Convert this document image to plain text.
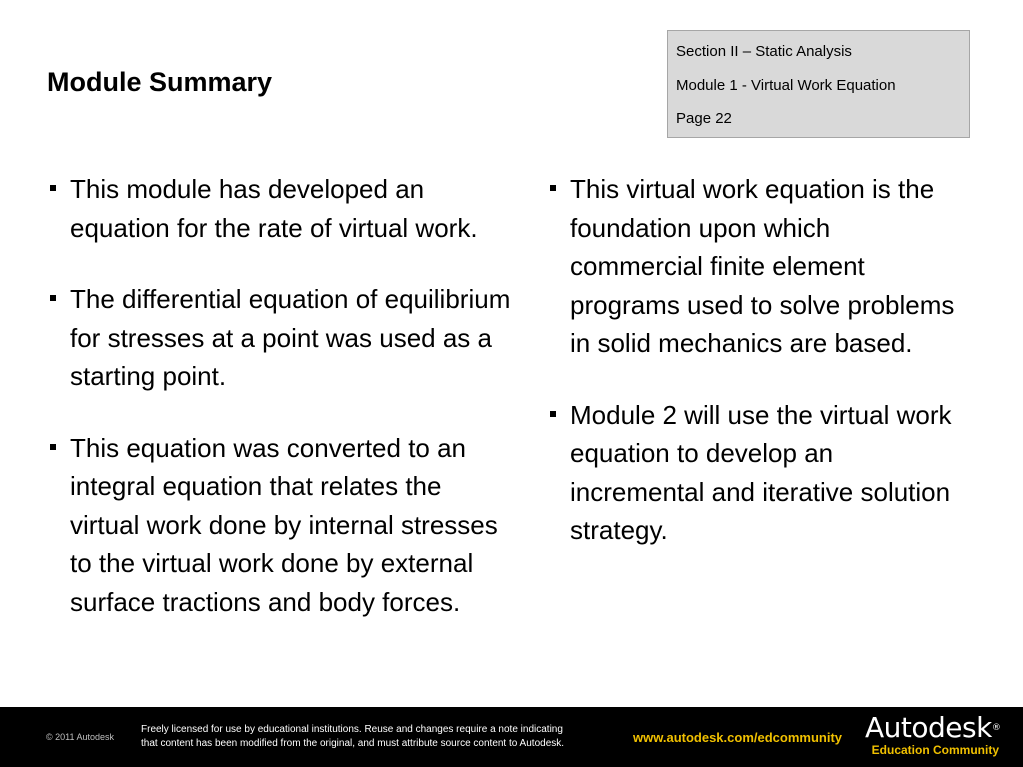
Module Summary
Section II – Static Analysis
Module 1 - Virtual Work Equation
Page 22
This module has developed an equation for the rate of virtual work.
The differential equation of equilibrium for stresses at a point was used as a starting point.
This equation was converted to an integral equation that relates the virtual work done by internal stresses to the virtual work done by external surface tractions and body forces.
This virtual work equation is the foundation upon which commercial finite element programs used to solve problems in solid mechanics are based.
Module 2 will use the virtual work equation to develop an incremental and iterative solution strategy.
© 2011 Autodesk
Freely licensed for use by educational institutions. Reuse and changes require a note indicating
that content has been modified from the original, and must attribute source content to Autodesk.	www.autodesk.com/edcommunity Autodesk®
Education Community
